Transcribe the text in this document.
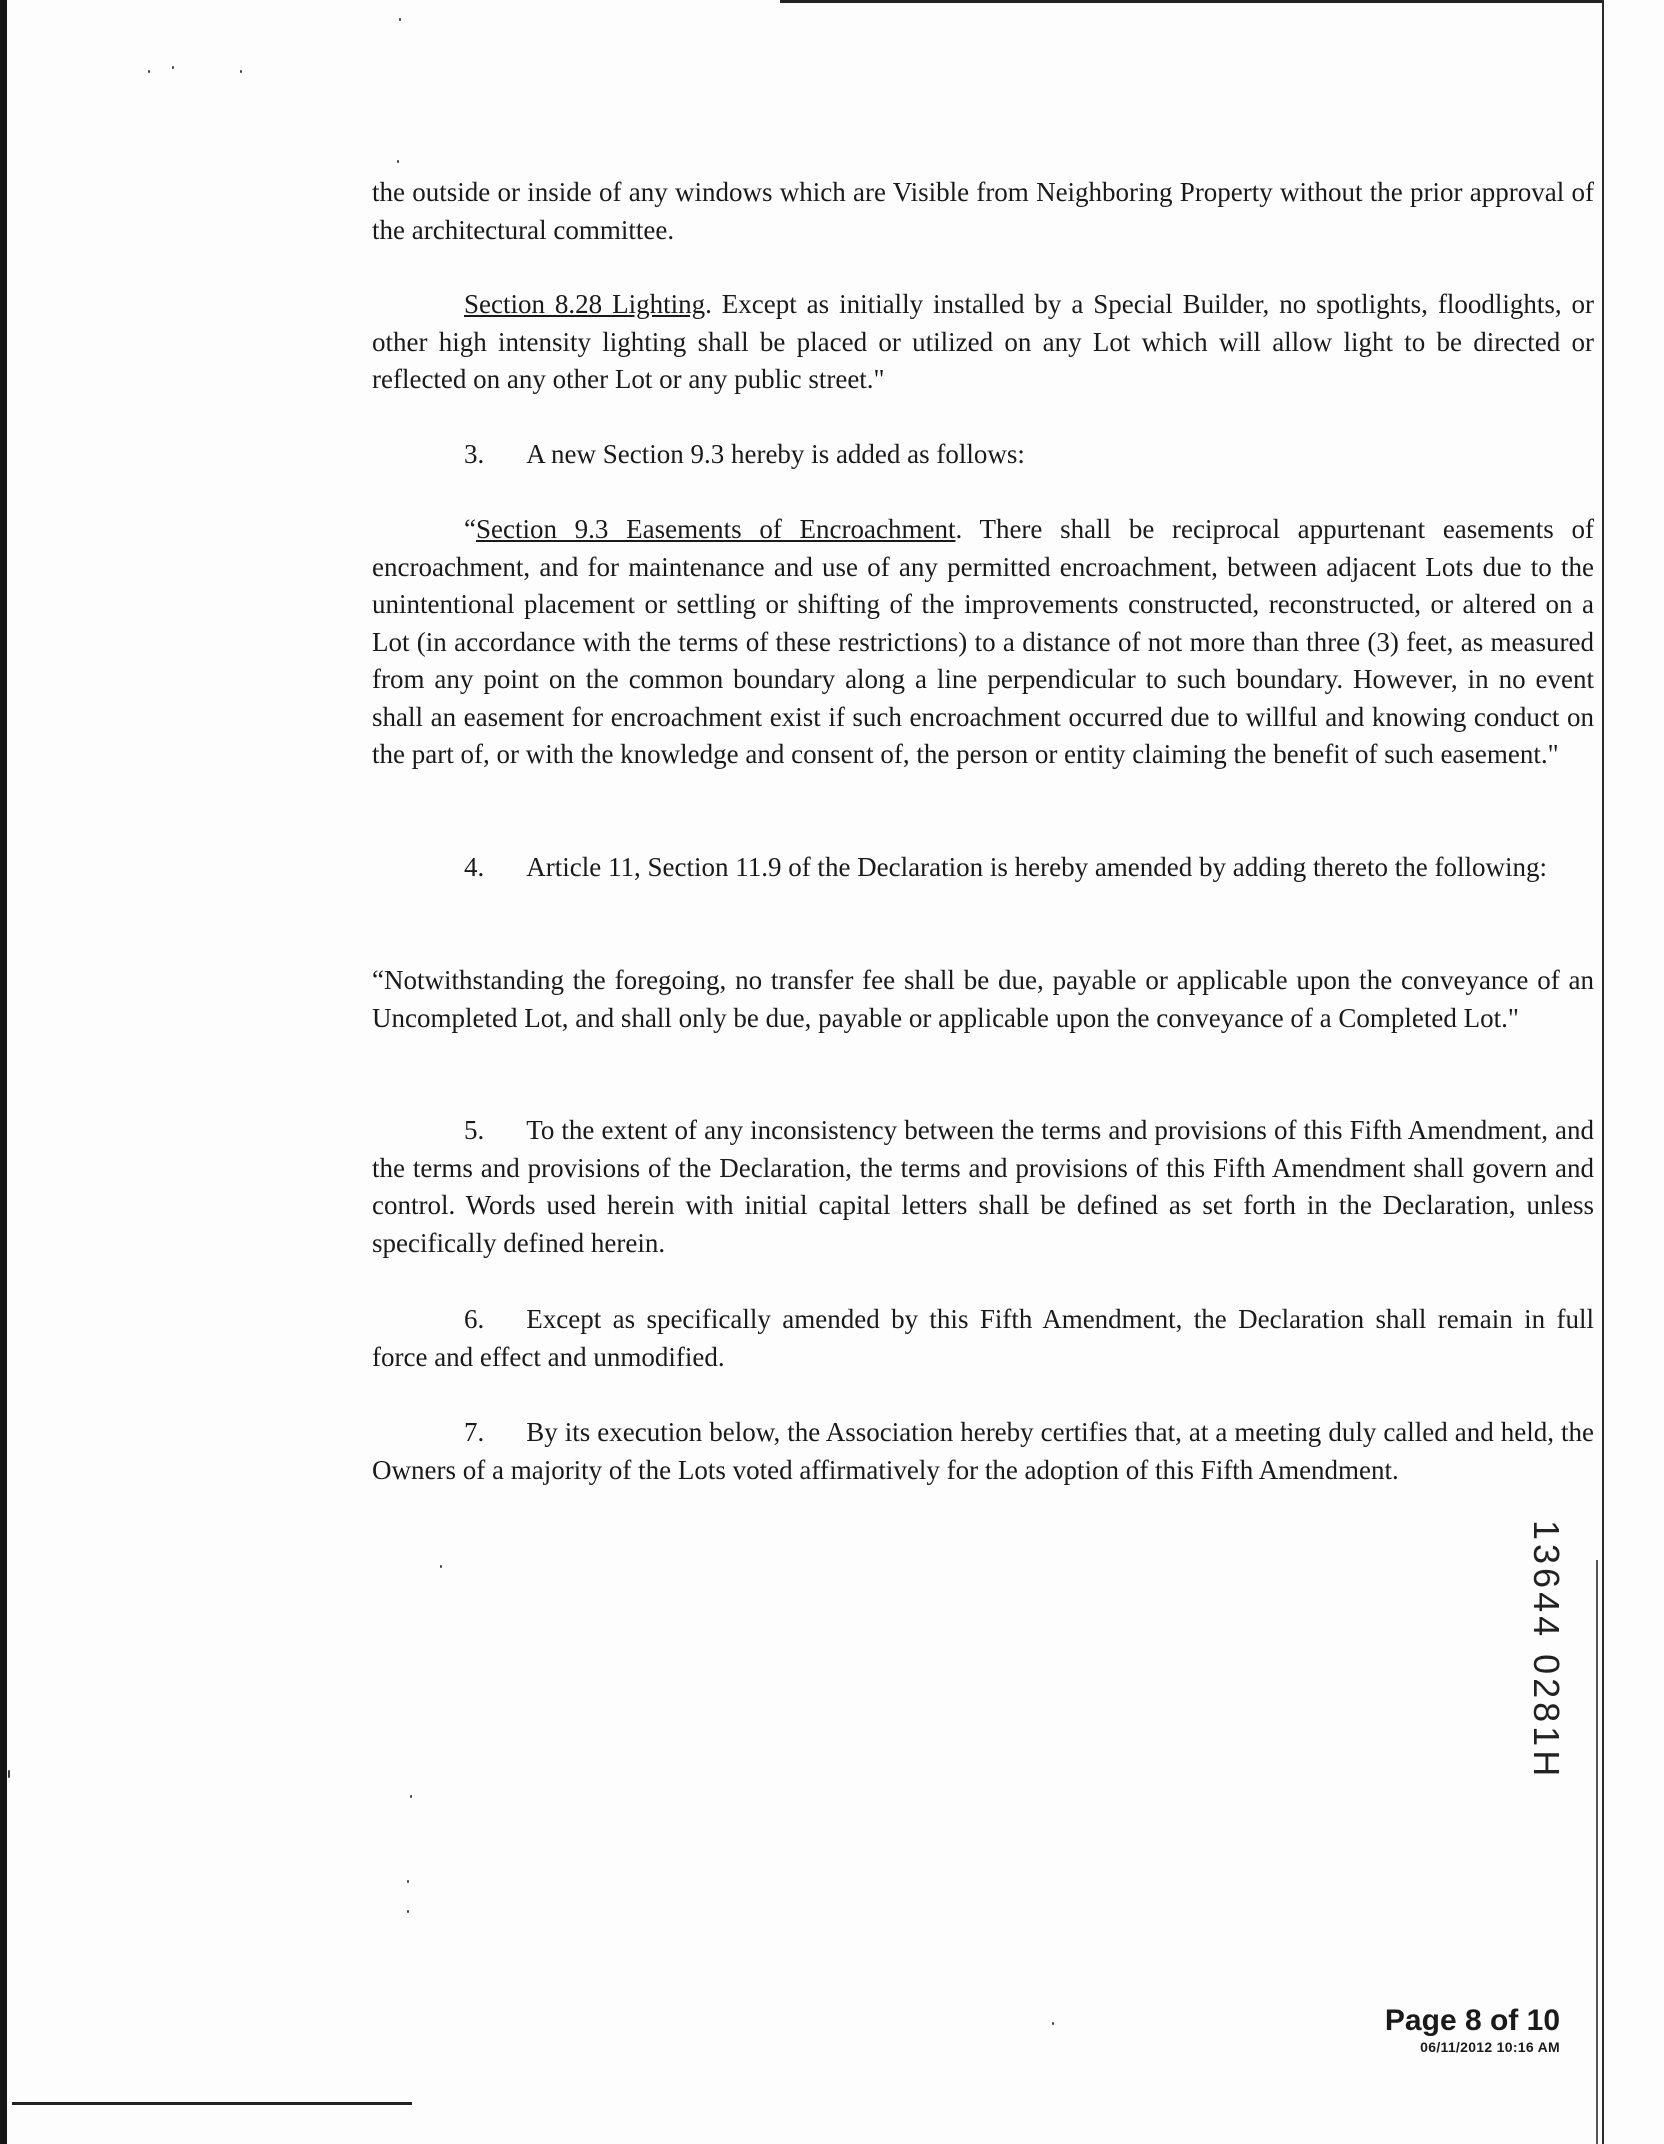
the outside or inside of any windows which are Visible from Neighboring Property without the prior approval of the architectural committee.

Section 8.28 Lighting. Except as initially installed by a Special Builder, no spotlights, floodlights, or other high intensity lighting shall be placed or utilized on any Lot which will allow light to be directed or reflected on any other Lot or any public street."

3. A new Section 9.3 hereby is added as follows:

“Section 9.3 Easements of Encroachment. There shall be reciprocal appurtenant easements of encroachment, and for maintenance and use of any permitted encroachment, between adjacent Lots due to the unintentional placement or settling or shifting of the improvements constructed, reconstructed, or altered on a Lot (in accordance with the terms of these restrictions) to a distance of not more than three (3) feet, as measured from any point on the common boundary along a line perpendicular to such boundary. However, in no event shall an easement for encroachment exist if such encroachment occurred due to willful and knowing conduct on the part of, or with the knowledge and consent of, the person or entity claiming the benefit of such easement."

4. Article 11, Section 11.9 of the Declaration is hereby amended by adding thereto the following:

“Notwithstanding the foregoing, no transfer fee shall be due, payable or applicable upon the conveyance of an Uncompleted Lot, and shall only be due, payable or applicable upon the conveyance of a Completed Lot."

5. To the extent of any inconsistency between the terms and provisions of this Fifth Amendment, and the terms and provisions of the Declaration, the terms and provisions of this Fifth Amendment shall govern and control. Words used herein with initial capital letters shall be defined as set forth in the Declaration, unless specifically defined herein.

6. Except as specifically amended by this Fifth Amendment, the Declaration shall remain in full force and effect and unmodified.

7. By its execution below, the Association hereby certifies that, at a meeting duly called and held, the Owners of a majority of the Lots voted affirmatively for the adoption of this Fifth Amendment.

13644 0281H
Page 8 of 10
06/11/2012 10:16 AM
